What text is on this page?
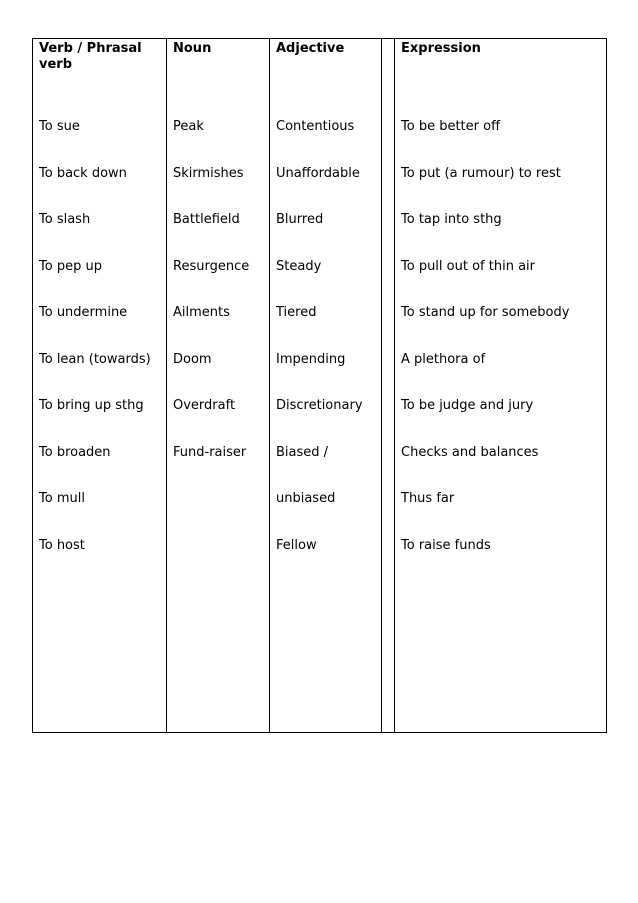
Verb / Phrasal verb

To sue

To back down

To slash

To pep up

To undermine

To lean (towards)

To bring up sthg

To broaden

To mull

To host

Noun

Peak

Skirmishes

Battlefield

Resurgence

Ailments

Doom

Overdraft

Fund-raiser

Adjective

Contentious

Unaffordable

Blurred

Steady

Tiered

Impending

Discretionary

Biased /

unbiased

Fellow

Expression

To be better off

To put (a rumour) to rest

To tap into sthg

To pull out of thin air

To stand up for somebody

A plethora of

To be judge and jury

Checks and balances

Thus far

To raise funds
